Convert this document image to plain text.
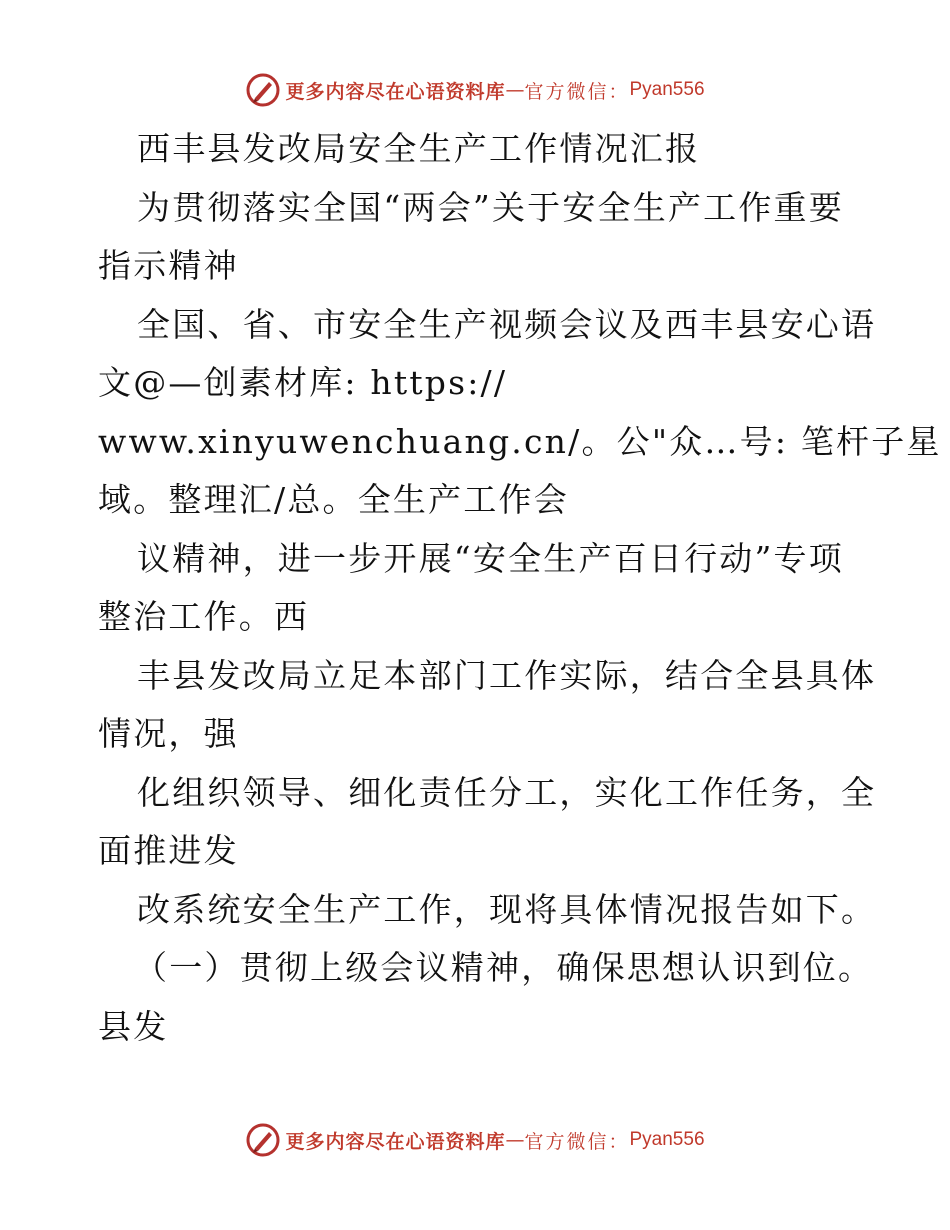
更多内容尽在心语资料库 — 官方微信： Pyan556
西丰县发改局安全生产工作情况汇报
为贯彻落实全国“两会”关于安全生产工作重要
指示精神
全国、省、市安全生产视频会议及西丰县安心语
文@—创素材库: https://
www.xinyuwenchuang.cn/。公"众…号: 笔杆子星
域。整理汇/总。全生产工作会
议精神，进一步开展“安全生产百日行动”专项
整治工作。西
丰县发改局立足本部门工作实际，结合全县具体
情况，强
化组织领导、细化责任分工，实化工作任务，全
面推进发
改系统安全生产工作，现将具体情况报告如下。
（一）贯彻上级会议精神，确保思想认识到位。
县发
更多内容尽在心语资料库 — 官方微信： Pyan556
